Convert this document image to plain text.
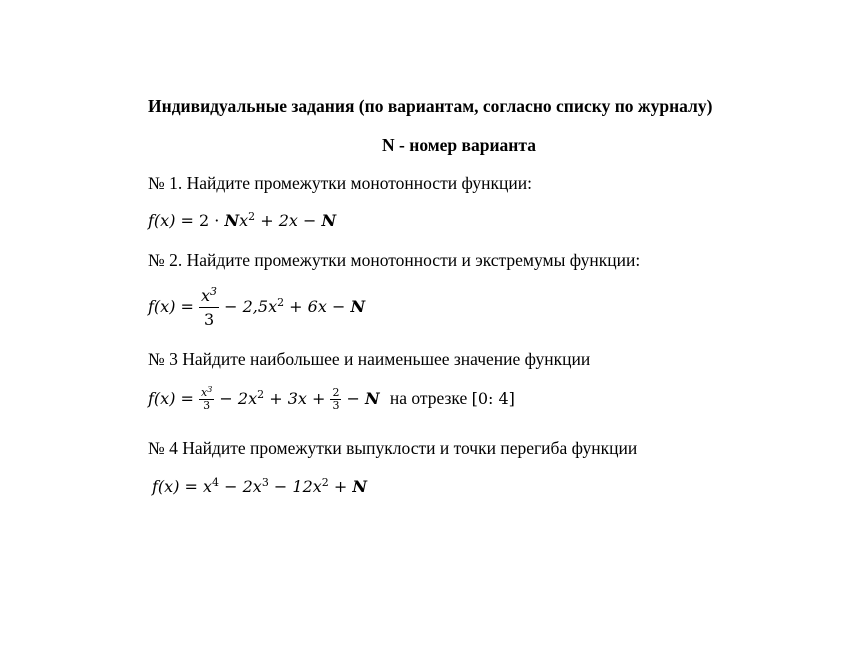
Индивидуальные задания (по вариантам, согласно списку по журналу)
N - номер варианта
№ 1. Найдите промежутки монотонности функции:
$f(x) = 2 \cdot Nx^2 + 2x - N$
№ 2. Найдите промежутки монотонности и экстремумы функции:
$f(x) = \frac{x^3}{3} - 2,5x^2 + 6x - N$
№ 3 Найдите наибольшее и наименьшее значение функции
$f(x) = \frac{x^3}{3} - 2x^2 + 3x + \frac{2}{3} - N$ на отрезке [0: 4]
№ 4 Найдите промежутки выпуклости и точки перегиба функции
$f(x) = x^4 - 2x^3 - 12x^2 + N$
